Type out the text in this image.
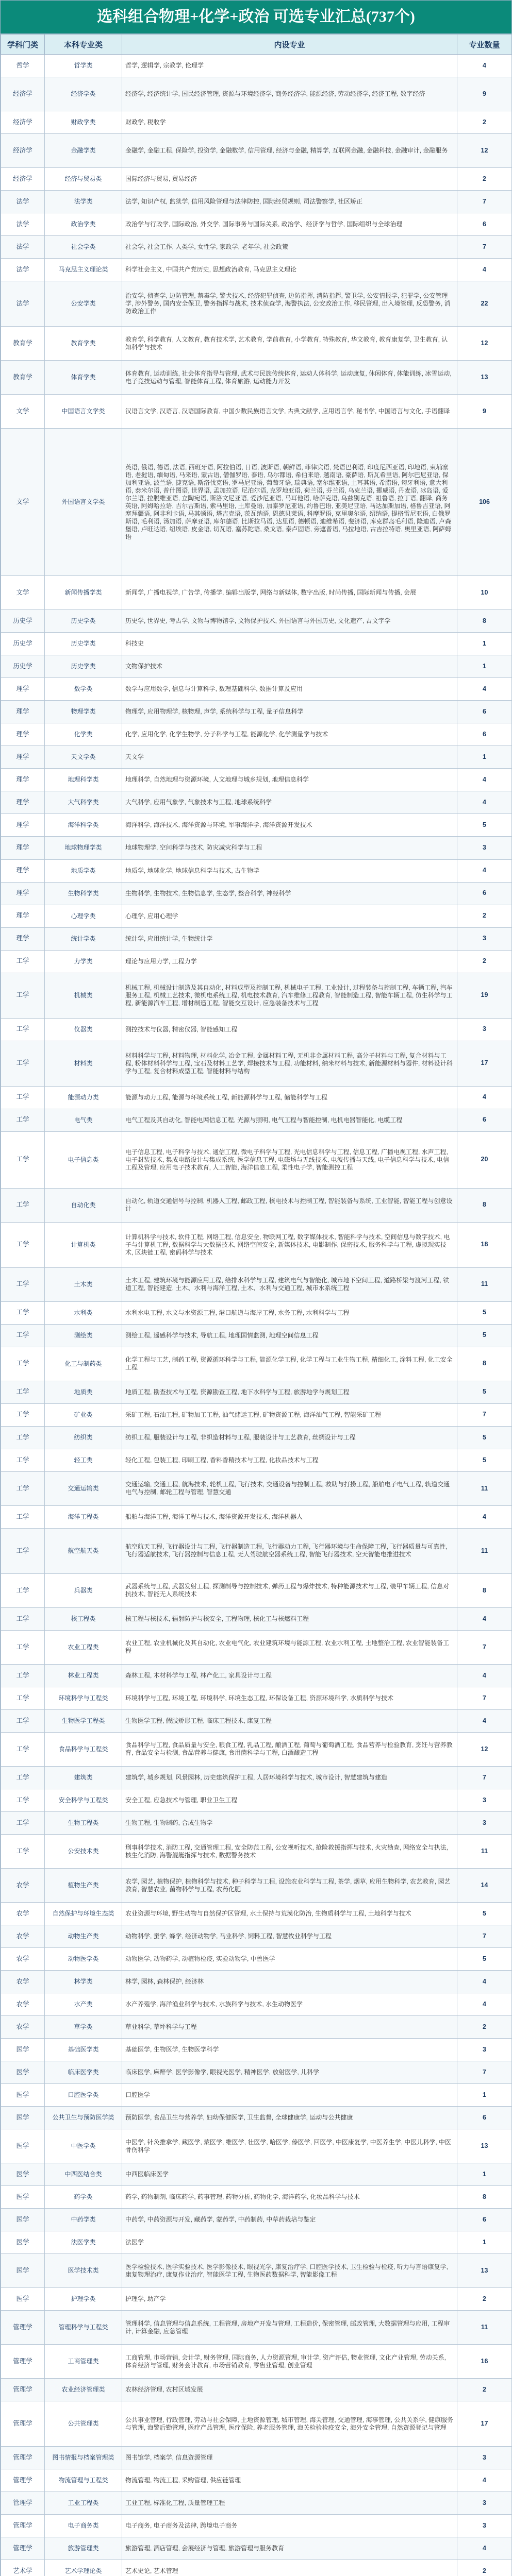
选科组合物理+化学+政治 可选专业汇总(737个)
学科门类	本科专业类	内设专业	专业数量
哲学	哲学类	哲学, 逻辑学, 宗教学, 伦理学	4
经济学	经济学类	经济学, 经济统计学, 国民经济管理, 资源与环境经济学, 商务经济学, 能源经济, 劳动经济学, 经济工程, 数字经济	9
经济学	财政学类	财政学, 税收学	2
经济学	金融学类	金融学, 金融工程, 保险学, 投资学, 金融数学, 信用管理, 经济与金融, 精算学, 互联网金融, 金融科技, 金融审计, 金融服务	12
经济学	经济与贸易类	国际经济与贸易, 贸易经济	2
法学	法学类	法学, 知识产权, 监狱学, 信用风险管理与法律防控, 国际经贸规则, 司法警察学, 社区矫正	7
法学	政治学类	政治学与行政学, 国际政治, 外交学, 国际事务与国际关系, 政治学、经济学与哲学, 国际组织与全球治理	6
法学	社会学类	社会学, 社会工作, 人类学, 女性学, 家政学, 老年学, 社会政策	7
法学	马克思主义理论类	科学社会主义, 中国共产党历史, 思想政治教育, 马克思主义理论	4
法学	公安学类	治安学, 侦查学, 边防管理, 禁毒学, 警犬技术, 经济犯罪侦查, 边防指挥, 消防指挥, 警卫学, 公安情报学, 犯罪学, 公安管理学, 涉外警务, 国内安全保卫, 警务指挥与战术, 技术侦查学, 海警执法, 公安政治工作, 移民管理, 出入境管理, 反恐警务, 消防政治工作	22
教育学	教育学类	教育学, 科学教育, 人文教育, 教育技术学, 艺术教育, 学前教育, 小学教育, 特殊教育, 华文教育, 教育康复学, 卫生教育, 认知科学与技术	12
教育学	体育学类	体育教育, 运动训练, 社会体育指导与管理, 武术与民族传统体育, 运动人体科学, 运动康复, 休闲体育, 体能训练, 冰雪运动, 电子竞技运动与管理, 智能体育工程, 体育旅游, 运动能力开发	13
文学	中国语言文学类	汉语言文学, 汉语言, 汉语国际教育, 中国少数民族语言文学, 古典文献学, 应用语言学, 秘书学, 中国语言与文化, 手语翻译	9
文学	外国语言文学类	英语, 俄语, 德语, 法语, 西班牙语, 阿拉伯语, 日语, 波斯语, 朝鲜语, 菲律宾语, 梵语巴利语, 印度尼西亚语, 印地语, 柬埔寨语, 老挝语, 缅甸语, 马来语, 蒙古语, 僧伽罗语, 泰语, 乌尔都语, 希伯来语, 越南语, 豪萨语, 斯瓦希里语, 阿尔巴尼亚语, 保加利亚语, 波兰语, 捷克语, 斯洛伐克语, 罗马尼亚语, 葡萄牙语, 瑞典语, 塞尔维亚语, 土耳其语, 希腊语, 匈牙利语, 意大利语, 泰米尔语, 普什图语, 世界语, 孟加拉语, 尼泊尔语, 克罗地亚语, 荷兰语, 芬兰语, 乌克兰语, 挪威语, 丹麦语, 冰岛语, 爱尔兰语, 拉脱维亚语, 立陶宛语, 斯洛文尼亚语, 爱沙尼亚语, 马耳他语, 哈萨克语, 乌兹别克语, 祖鲁语, 拉丁语, 翻译, 商务英语, 阿姆哈拉语, 吉尔吉斯语, 索马里语, 土库曼语, 加泰罗尼亚语, 约鲁巴语, 亚美尼亚语, 马达加斯加语, 格鲁吉亚语, 阿塞拜疆语, 阿非利卡语, 马其顿语, 塔吉克语, 茨瓦纳语, 恩德贝莱语, 科摩罗语, 克里奥尔语, 绍纳语, 提格雷尼亚语, 白俄罗斯语, 毛利语, 汤加语, 萨摩亚语, 库尔德语, 比斯拉马语, 达里语, 德顿语, 迪维希语, 斐济语, 库克群岛毛利语, 隆迪语, 卢森堡语, 卢旺达语, 纽埃语, 皮金语, 切瓦语, 塞苏陀语, 桑戈语, 泰卢固语, 旁遮普语, 马拉地语, 古吉拉特语, 奥里亚语, 阿萨姆语	106
文学	新闻传播学类	新闻学, 广播电视学, 广告学, 传播学, 编辑出版学, 网络与新媒体, 数字出版, 时尚传播, 国际新闻与传播, 会展	10
历史学	历史学类	历史学, 世界史, 考古学, 文物与博物馆学, 文物保护技术, 外国语言与外国历史, 文化遗产, 古文字学	8
历史学	历史学类	科技史	1
历史学	历史学类	文物保护技术	1
理学	数学类	数学与应用数学, 信息与计算科学, 数理基础科学, 数据计算及应用	4
理学	物理学类	物理学, 应用物理学, 核物理, 声学, 系统科学与工程, 量子信息科学	6
理学	化学类	化学, 应用化学, 化学生物学, 分子科学与工程, 能源化学, 化学测量学与技术	6
理学	天文学类	天文学	1
理学	地理科学类	地理科学, 自然地理与资源环境, 人文地理与城乡规划, 地理信息科学	4
理学	大气科学类	大气科学, 应用气象学, 气象技术与工程, 地球系统科学	4
理学	海洋科学类	海洋科学, 海洋技术, 海洋资源与环境, 军事海洋学, 海洋资源开发技术	5
理学	地球物理学类	地球物理学, 空间科学与技术, 防灾减灾科学与工程	3
理学	地质学类	地质学, 地球化学, 地球信息科学与技术, 古生物学	4
理学	生物科学类	生物科学, 生物技术, 生物信息学, 生态学, 整合科学, 神经科学	6
理学	心理学类	心理学, 应用心理学	2
理学	统计学类	统计学, 应用统计学, 生物统计学	3
工学	力学类	理论与应用力学, 工程力学	2
工学	机械类	机械工程, 机械设计制造及其自动化, 材料成型及控制工程, 机械电子工程, 工业设计, 过程装备与控制工程, 车辆工程, 汽车服务工程, 机械工艺技术, 微机电系统工程, 机电技术教育, 汽车维修工程教育, 智能制造工程, 智能车辆工程, 仿生科学与工程, 新能源汽车工程, 增材制造工程, 智能交互设计, 应急装备技术与工程	19
工学	仪器类	测控技术与仪器, 精密仪器, 智能感知工程	3
工学	材料类	材料科学与工程, 材料物理, 材料化学, 冶金工程, 金属材料工程, 无机非金属材料工程, 高分子材料与工程, 复合材料与工程, 粉体材料科学与工程, 宝石及材料工艺学, 焊接技术与工程, 功能材料, 纳米材料与技术, 新能源材料与器件, 材料设计科学与工程, 复合材料成型工程, 智能材料与结构	17
工学	能源动力类	能源与动力工程, 能源与环境系统工程, 新能源科学与工程, 储能科学与工程	4
工学	电气类	电气工程及其自动化, 智能电网信息工程, 光源与照明, 电气工程与智能控制, 电机电器智能化, 电缆工程	6
工学	电子信息类	电子信息工程, 电子科学与技术, 通信工程, 微电子科学与工程, 光电信息科学与工程, 信息工程, 广播电视工程, 水声工程, 电子封装技术, 集成电路设计与集成系统, 医学信息工程, 电磁场与无线技术, 电波传播与天线, 电子信息科学与技术, 电信工程及管理, 应用电子技术教育, 人工智能, 海洋信息工程, 柔性电子学, 智能测控工程	20
工学	自动化类	自动化, 轨道交通信号与控制, 机器人工程, 邮政工程, 核电技术与控制工程, 智能装备与系统, 工业智能, 智能工程与创意设计	8
工学	计算机类	计算机科学与技术, 软件工程, 网络工程, 信息安全, 物联网工程, 数字媒体技术, 智能科学与技术, 空间信息与数字技术, 电子与计算机工程, 数据科学与大数据技术, 网络空间安全, 新媒体技术, 电影制作, 保密技术, 服务科学与工程, 虚拟现实技术, 区块链工程, 密码科学与技术	18
工学	土木类	土木工程, 建筑环境与能源应用工程, 给排水科学与工程, 建筑电气与智能化, 城市地下空间工程, 道路桥梁与渡河工程, 铁道工程, 智能建造, 土木、水利与海洋工程, 土木、水利与交通工程, 城市水系统工程	11
工学	水利类	水利水电工程, 水文与水资源工程, 港口航道与海岸工程, 水务工程, 水利科学与工程	5
工学	测绘类	测绘工程, 遥感科学与技术, 导航工程, 地理国情监测, 地理空间信息工程	5
工学	化工与制药类	化学工程与工艺, 制药工程, 资源循环科学与工程, 能源化学工程, 化学工程与工业生物工程, 精细化工, 涂料工程, 化工安全工程	8
工学	地质类	地质工程, 勘查技术与工程, 资源勘查工程, 地下水科学与工程, 旅游地学与规划工程	5
工学	矿业类	采矿工程, 石油工程, 矿物加工工程, 油气储运工程, 矿物资源工程, 海洋油气工程, 智能采矿工程	7
工学	纺织类	纺织工程, 服装设计与工程, 非织造材料与工程, 服装设计与工艺教育, 丝绸设计与工程	5
工学	轻工类	轻化工程, 包装工程, 印刷工程, 香料香精技术与工程, 化妆品技术与工程	5
工学	交通运输类	交通运输, 交通工程, 航海技术, 轮机工程, 飞行技术, 交通设备与控制工程, 救助与打捞工程, 船舶电子电气工程, 轨道交通电气与控制, 邮轮工程与管理, 智慧交通	11
工学	海洋工程类	船舶与海洋工程, 海洋工程与技术, 海洋资源开发技术, 海洋机器人	4
工学	航空航天类	航空航天工程, 飞行器设计与工程, 飞行器制造工程, 飞行器动力工程, 飞行器环境与生命保障工程, 飞行器质量与可靠性, 飞行器适航技术, 飞行器控制与信息工程, 无人驾驶航空器系统工程, 智能飞行器技术, 空天智能电推进技术	11
工学	兵器类	武器系统与工程, 武器发射工程, 探测制导与控制技术, 弹药工程与爆炸技术, 特种能源技术与工程, 装甲车辆工程, 信息对抗技术, 智能无人系统技术	8
工学	核工程类	核工程与核技术, 辐射防护与核安全, 工程物理, 核化工与核燃料工程	4
工学	农业工程类	农业工程, 农业机械化及其自动化, 农业电气化, 农业建筑环境与能源工程, 农业水利工程, 土地整治工程, 农业智能装备工程	7
工学	林业工程类	森林工程, 木材科学与工程, 林产化工, 家具设计与工程	4
工学	环境科学与工程类	环境科学与工程, 环境工程, 环境科学, 环境生态工程, 环保设备工程, 资源环境科学, 水质科学与技术	7
工学	生物医学工程类	生物医学工程, 假肢矫形工程, 临床工程技术, 康复工程	4
工学	食品科学与工程类	食品科学与工程, 食品质量与安全, 粮食工程, 乳品工程, 酿酒工程, 葡萄与葡萄酒工程, 食品营养与检验教育, 烹饪与营养教育, 食品安全与检测, 食品营养与健康, 食用菌科学与工程, 白酒酿造工程	12
工学	建筑类	建筑学, 城乡规划, 风景园林, 历史建筑保护工程, 人居环境科学与技术, 城市设计, 智慧建筑与建造	7
工学	安全科学与工程类	安全工程, 应急技术与管理, 职业卫生工程	3
工学	生物工程类	生物工程, 生物制药, 合成生物学	3
工学	公安技术类	刑事科学技术, 消防工程, 交通管理工程, 安全防范工程, 公安视听技术, 抢险救援指挥与技术, 火灾勘查, 网络安全与执法, 核生化消防, 海警舰艇指挥与技术, 数据警务技术	11
农学	植物生产类	农学, 园艺, 植物保护, 植物科学与技术, 种子科学与工程, 设施农业科学与工程, 茶学, 烟草, 应用生物科学, 农艺教育, 园艺教育, 智慧农业, 菌物科学与工程, 农药化肥	14
农学	自然保护与环境生态类	农业资源与环境, 野生动物与自然保护区管理, 水土保持与荒漠化防治, 生物质科学与工程, 土地科学与技术	5
农学	动物生产类	动物科学, 蚕学, 蜂学, 经济动物学, 马业科学, 饲料工程, 智慧牧业科学与工程	7
农学	动物医学类	动物医学, 动物药学, 动植物检疫, 实验动物学, 中兽医学	5
农学	林学类	林学, 园林, 森林保护, 经济林	4
农学	水产类	水产养殖学, 海洋渔业科学与技术, 水族科学与技术, 水生动物医学	4
农学	草学类	草业科学, 草坪科学与工程	2
医学	基础医学类	基础医学, 生物医学, 生物医学科学	3
医学	临床医学类	临床医学, 麻醉学, 医学影像学, 眼视光医学, 精神医学, 放射医学, 儿科学	7
医学	口腔医学类	口腔医学	1
医学	公共卫生与预防医学类	预防医学, 食品卫生与营养学, 妇幼保健医学, 卫生监督, 全球健康学, 运动与公共健康	6
医学	中医学类	中医学, 针灸推拿学, 藏医学, 蒙医学, 维医学, 壮医学, 哈医学, 傣医学, 回医学, 中医康复学, 中医养生学, 中医儿科学, 中医骨伤科学	13
医学	中西医结合类	中西医临床医学	1
医学	药学类	药学, 药物制剂, 临床药学, 药事管理, 药物分析, 药物化学, 海洋药学, 化妆品科学与技术	8
医学	中药学类	中药学, 中药资源与开发, 藏药学, 蒙药学, 中药制药, 中草药栽培与鉴定	6
医学	法医学类	法医学	1
医学	医学技术类	医学检验技术, 医学实验技术, 医学影像技术, 眼视光学, 康复治疗学, 口腔医学技术, 卫生检验与检疫, 听力与言语康复学, 康复物理治疗, 康复作业治疗, 智能医学工程, 生物医药数据科学, 智能影像工程	13
医学	护理学类	护理学, 助产学	2
管理学	管理科学与工程类	管理科学, 信息管理与信息系统, 工程管理, 房地产开发与管理, 工程造价, 保密管理, 邮政管理, 大数据管理与应用, 工程审计, 计算金融, 应急管理	11
管理学	工商管理类	工商管理, 市场营销, 会计学, 财务管理, 国际商务, 人力资源管理, 审计学, 资产评估, 物业管理, 文化产业管理, 劳动关系, 体育经济与管理, 财务会计教育, 市场营销教育, 零售业管理, 创业管理	16
管理学	农业经济管理类	农林经济管理, 农村区域发展	2
管理学	公共管理类	公共事业管理, 行政管理, 劳动与社会保障, 土地资源管理, 城市管理, 海关管理, 交通管理, 海事管理, 公共关系学, 健康服务与管理, 海警后勤管理, 医疗产品管理, 医疗保险, 养老服务管理, 海关检验检疫安全, 海外安全管理, 自然资源登记与管理	17
管理学	图书情报与档案管理类	图书馆学, 档案学, 信息资源管理	3
管理学	物流管理与工程类	物流管理, 物流工程, 采购管理, 供应链管理	4
管理学	工业工程类	工业工程, 标准化工程, 质量管理工程	3
管理学	电子商务类	电子商务, 电子商务及法律, 跨境电子商务	3
管理学	旅游管理类	旅游管理, 酒店管理, 会展经济与管理, 旅游管理与服务教育	4
艺术学	艺术学理论类	艺术史论, 艺术管理	2
